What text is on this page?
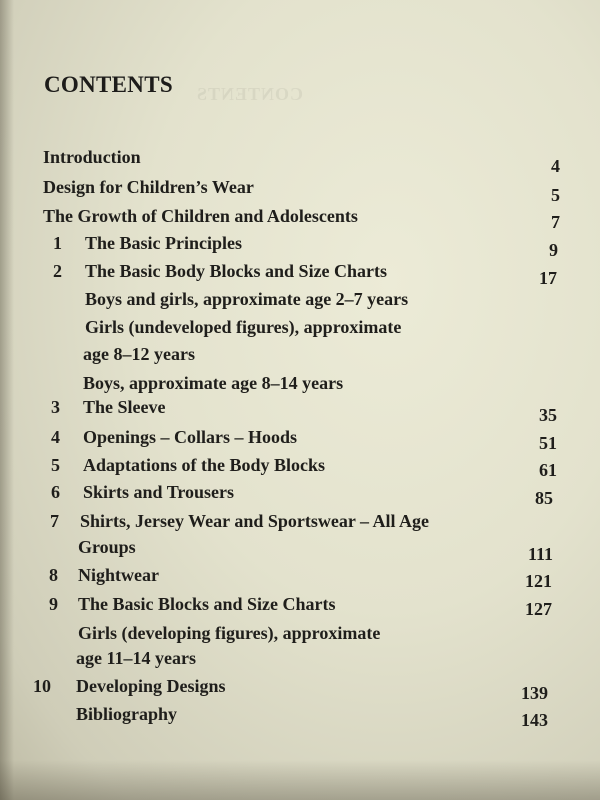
CONTENTS CONTENTS
Introduction	4
Design for Children’s Wear	5
The Growth of Children and Adolescents	7
1 The Basic Principles	9
2 The Basic Body Blocks and Size Charts	17
Boys and girls, approximate age 2–7 years
Girls (undeveloped figures), approximate
age 8–12 years
Boys, approximate age 8–14 years
3 The Sleeve	35
4 Openings – Collars – Hoods	51
5 Adaptations of the Body Blocks	61
6 Skirts and Trousers	85
7 Shirts, Jersey Wear and Sportswear – All Age
Groups	111
8 Nightwear	121
9 The Basic Blocks and Size Charts	127
Girls (developing figures), approximate
age 11–14 years
10 Developing Designs	139
Bibliography	143
